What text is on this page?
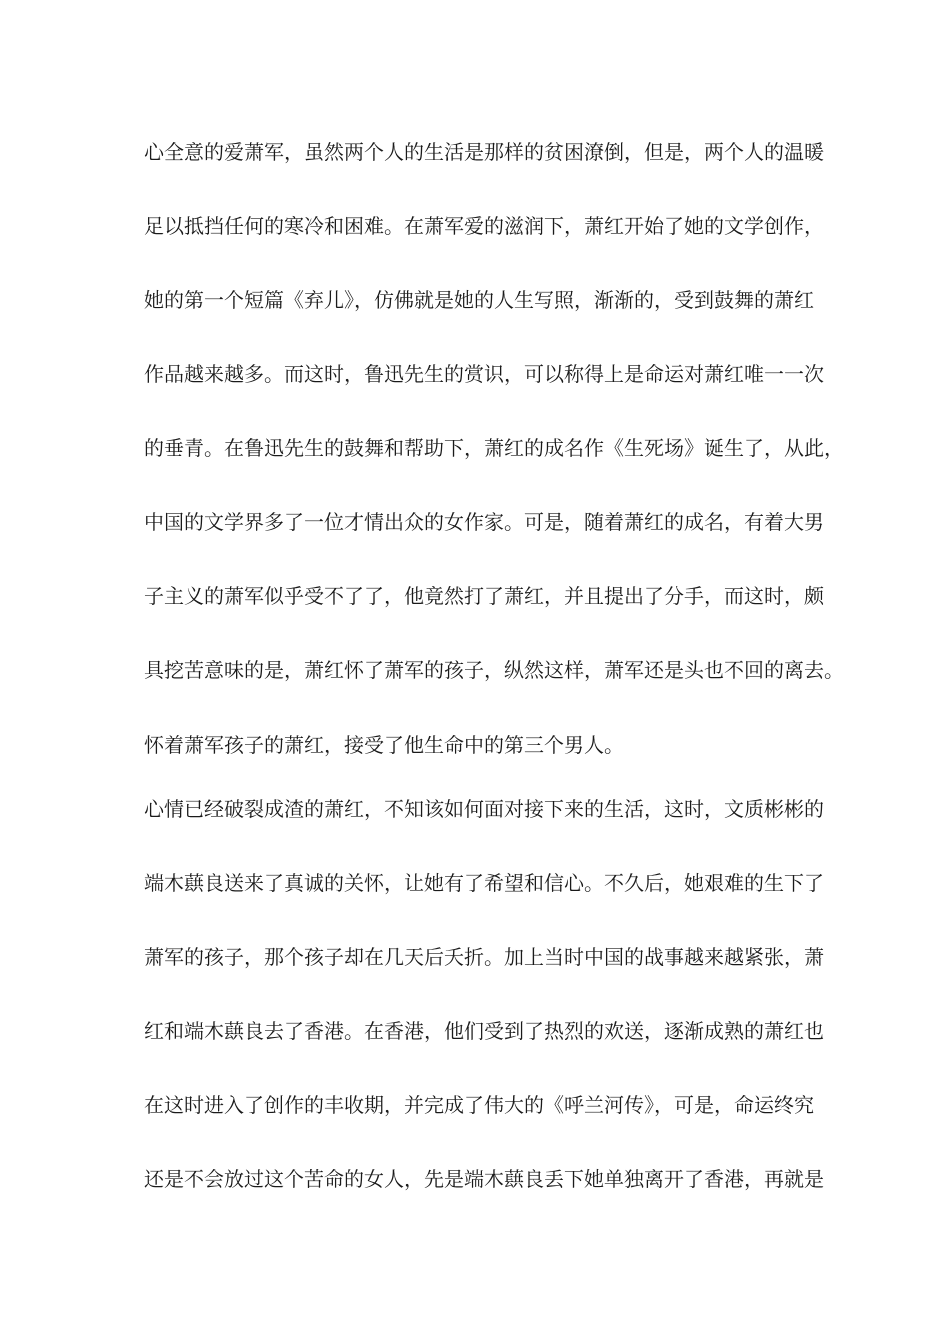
心全意的爱萧军，虽然两个人的生活是那样的贫困潦倒，但是，两个人的温暖
足以抵挡任何的寒冷和困难。在萧军爱的滋润下，萧红开始了她的文学创作，
她的第一个短篇《弃儿》，仿佛就是她的人生写照，渐渐的，受到鼓舞的萧红
作品越来越多。而这时，鲁迅先生的赏识，可以称得上是命运对萧红唯一一次
的垂青。在鲁迅先生的鼓舞和帮助下，萧红的成名作《生死场》诞生了，从此，
中国的文学界多了一位才情出众的女作家。可是，随着萧红的成名，有着大男
子主义的萧军似乎受不了了，他竟然打了萧红，并且提出了分手，而这时，颇
具挖苦意味的是，萧红怀了萧军的孩子，纵然这样，萧军还是头也不回的离去。
怀着萧军孩子的萧红，接受了他生命中的第三个男人。
心情已经破裂成渣的萧红，不知该如何面对接下来的生活，这时，文质彬彬的
端木蕻良送来了真诚的关怀，让她有了希望和信心。不久后，她艰难的生下了
萧军的孩子，那个孩子却在几天后夭折。加上当时中国的战事越来越紧张，萧
红和端木蕻良去了香港。在香港，他们受到了热烈的欢送，逐渐成熟的萧红也
在这时进入了创作的丰收期，并完成了伟大的《呼兰河传》，可是，命运终究
还是不会放过这个苦命的女人，先是端木蕻良丢下她单独离开了香港，再就是
